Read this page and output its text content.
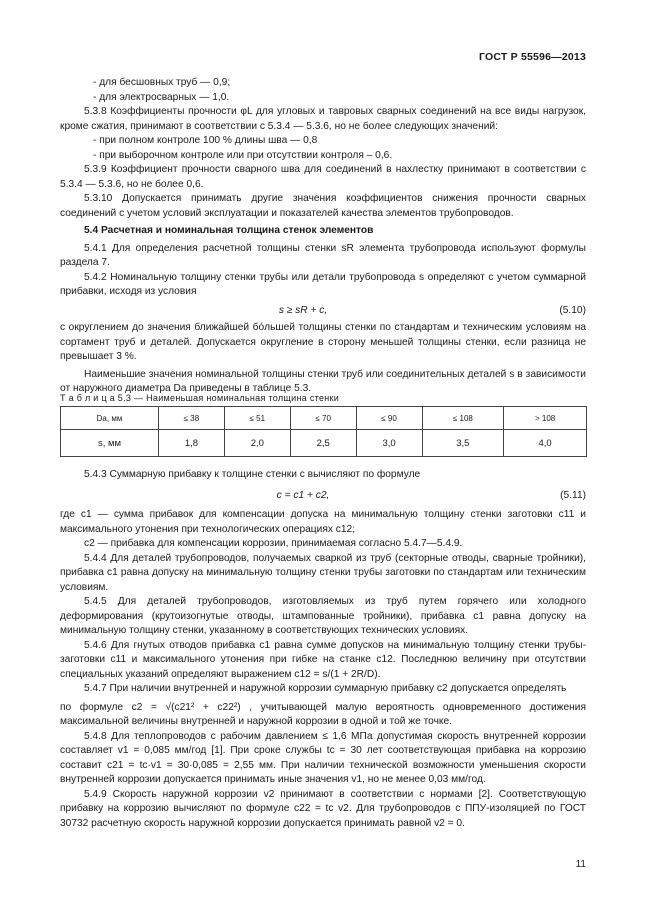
ГОСТ Р 55596—2013

- для бесшовных труб — 0,9;

- для электросварных — 1,0.

5.3.8 Коэффициенты прочности φL для угловых и тавровых сварных соединений на все виды нагрузок, кроме сжатия, принимают в соответствии с 5.3.4 — 5.3.6, но не более следующих значений:

- при полном контроле 100 % длины шва — 0,8

- при выборочном контроле или при отсутствии контроля – 0,6.

5.3.9 Коэффициент прочности сварного шва для соединений в нахлестку принимают в соответствии с 5.3.4 — 5.3.6, но не более 0,6.

5.3.10 Допускается принимать другие значения коэффициентов снижения прочности сварных соединений с учетом условий эксплуатации и показателей качества элементов трубопроводов.

5.4 Расчетная и номинальная толщина стенок элементов

5.4.1 Для определения расчетной толщины стенки sR элемента трубопровода используют формулы раздела 7.

5.4.2 Номинальную толщину стенки трубы или детали трубопровода s определяют с учетом суммарной прибавки, исходя из условия

s ≥ sR + c,	(5.10)

с округлением до значения ближайшей бóльшей толщины стенки по стандартам и техническим условиям на сортамент труб и деталей. Допускается округление в сторону меньшей толщины стенки, если разница не превышает 3 %.

Наименьшие значения номинальной толщины стенки труб или соединительных деталей s в зависимости от наружного диаметра Da приведены в таблице 5.3.

Т а б л и ц а 5.3 — Наименьшая номинальная толщина стенки
Da, мм	≤ 38	≤ 51	≤ 70	≤ 90	≤ 108	> 108
s, мм	1,8	2,0	2,5	3,0	3,5	4,0

5.4.3 Суммарную прибавку к толщине стенки c вычисляют по формуле

c = c1 + c2,	(5.11)

где c1 — сумма прибавок для компенсации допуска на минимальную толщину стенки заготовки c11 и максимального утонения при технологических операциях c12;

c2 — прибавка для компенсации коррозии, принимаемая согласно 5.4.7—5.4.9.

5.4.4 Для деталей трубопроводов, получаемых сваркой из труб (секторные отводы, сварные тройники), прибавка c1 равна допуску на минимальную толщину стенки трубы заготовки по стандартам или техническим условиям.

5.4.5 Для деталей трубопроводов, изготовляемых из труб путем горячего или холодного деформирования (крутоизогнутые отводы, штампованные тройники), прибавка c1 равна допуску на минимальную толщину стенки, указанному в соответствующих технических условиях.

5.4.6 Для гнутых отводов прибавка c1 равна сумме допусков на минимальную толщину стенки трубы-заготовки c11 и максимального утонения при гибке на станке c12. Последнюю величину при отсутствии специальных указаний определяют выражением c12 = s/(1 + 2R/D).

5.4.7 При наличии внутренней и наружной коррозии суммарную прибавку c2 допускается определять

по формуле c2 = √(c21² + c22²) , учитывающей малую вероятность одновременного достижения максимальной величины внутренней и наружной коррозии в одной и той же точке.

5.4.8 Для теплопроводов с рабочим давлением ≤ 1,6 МПа допустимая скорость внутренней коррозии составляет v1 = 0,085 мм/год [1]. При сроке службы tc = 30 лет соответствующая прибавка на коррозию составит c21 = tc·v1 = 30·0,085 = 2,55 мм. При наличии технической возможности уменьшения скорости внутренней коррозии допускается принимать иные значения v1, но не менее 0,03 мм/год.

5.4.9 Скорость наружной коррозии v2 принимают в соответствии с нормами [2]. Соответствующую прибавку на коррозию вычисляют по формуле c22 = tc v2. Для трубопроводов с ППУ-изоляцией по ГОСТ 30732 расчетную скорость наружной коррозии допускается принимать равной v2 = 0.

11
